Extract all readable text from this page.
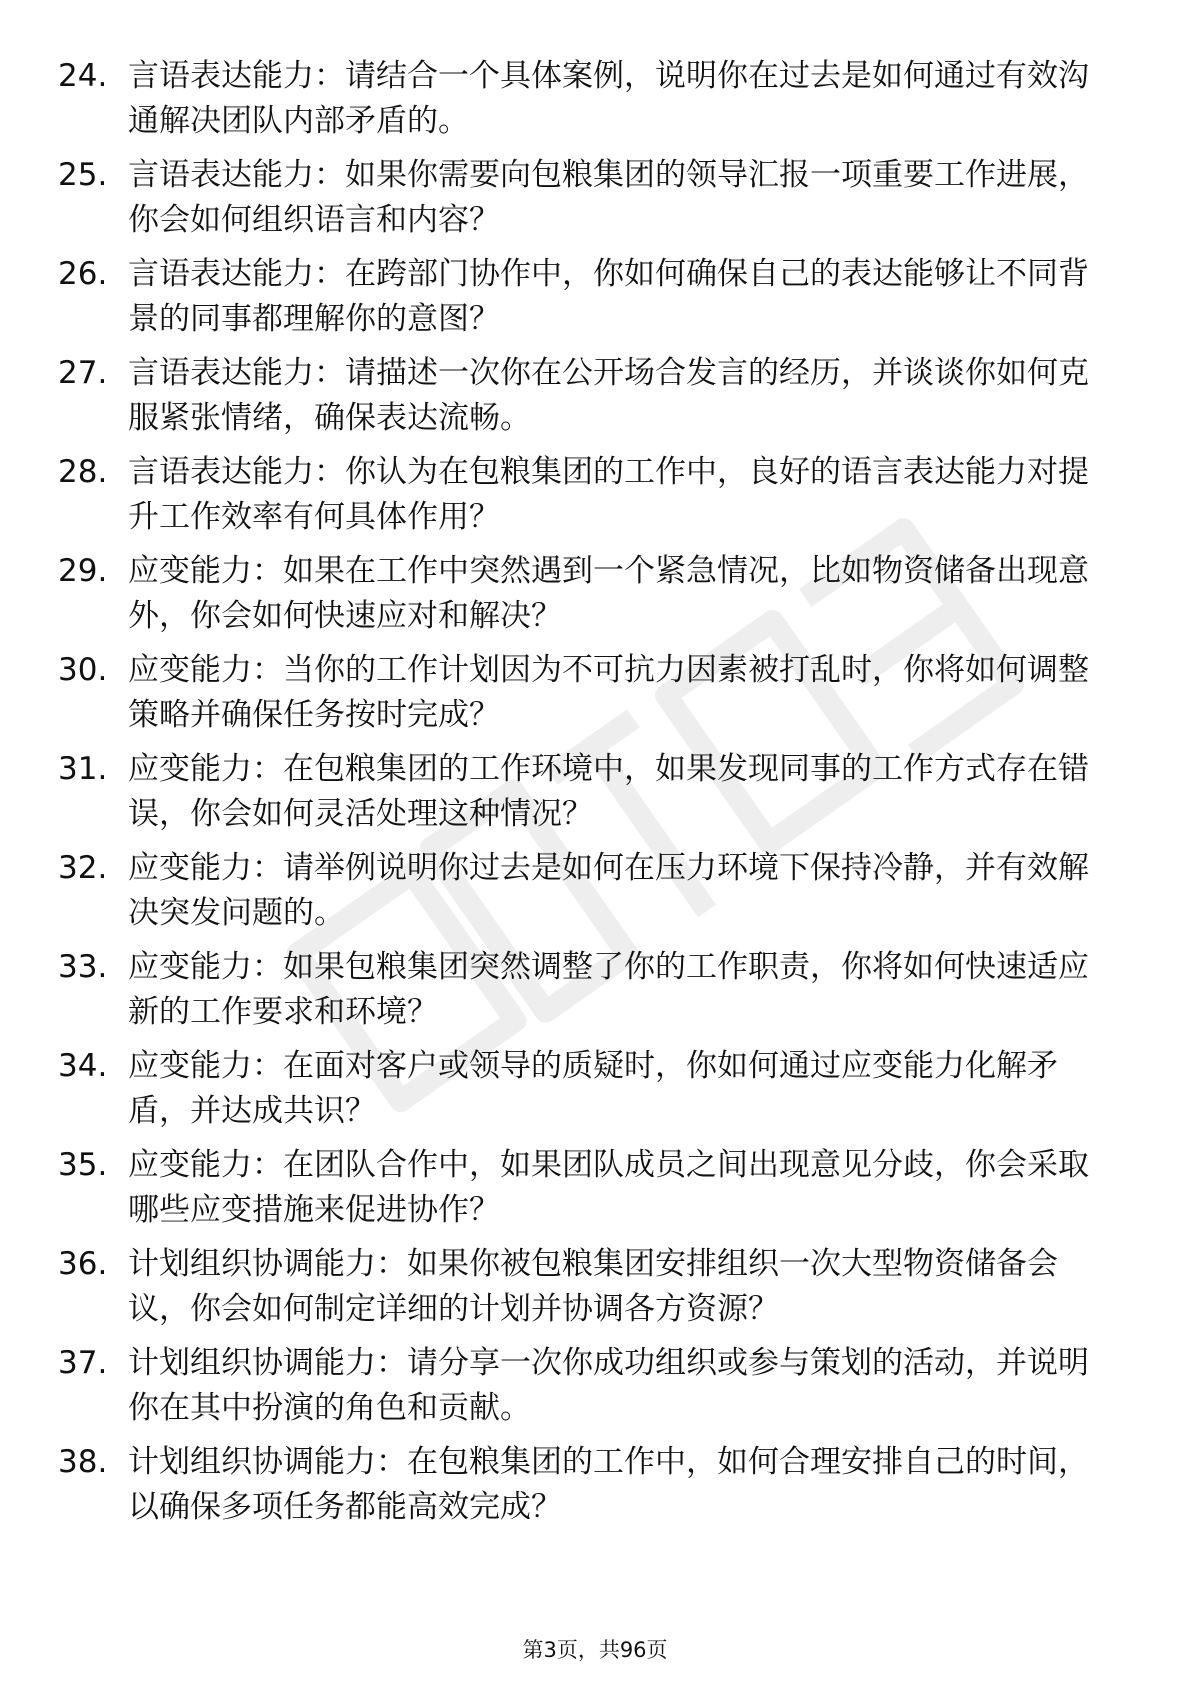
24. 言语表达能力：请结合一个具体案例，说明你在过去是如何通过有效沟通解决团队内部矛盾的。
25. 言语表达能力：如果你需要向包粮集团的领导汇报一项重要工作进展，你会如何组织语言和内容？
26. 言语表达能力：在跨部门协作中，你如何确保自己的表达能够让不同背景的同事都理解你的意图？
27. 言语表达能力：请描述一次你在公开场合发言的经历，并谈谈你如何克服紧张情绪，确保表达流畅。
28. 言语表达能力：你认为在包粮集团的工作中，良好的语言表达能力对提升工作效率有何具体作用？
29. 应变能力：如果在工作中突然遇到一个紧急情况，比如物资储备出现意外，你会如何快速应对和解决？
30. 应变能力：当你的工作计划因为不可抗力因素被打乱时，你将如何调整策略并确保任务按时完成？
31. 应变能力：在包粮集团的工作环境中，如果发现同事的工作方式存在错误，你会如何灵活处理这种情况？
32. 应变能力：请举例说明你过去是如何在压力环境下保持冷静，并有效解决突发问题的。
33. 应变能力：如果包粮集团突然调整了你的工作职责，你将如何快速适应新的工作要求和环境？
34. 应变能力：在面对客户或领导的质疑时，你如何通过应变能力化解矛盾，并达成共识？
35. 应变能力：在团队合作中，如果团队成员之间出现意见分歧，你会采取哪些应变措施来促进协作？
36. 计划组织协调能力：如果你被包粮集团安排组织一次大型物资储备会议，你会如何制定详细的计划并协调各方资源？
37. 计划组织协调能力：请分享一次你成功组织或参与策划的活动，并说明你在其中扮演的角色和贡献。
38. 计划组织协调能力：在包粮集团的工作中，如何合理安排自己的时间，以确保多项任务都能高效完成？
第3页，共96页
